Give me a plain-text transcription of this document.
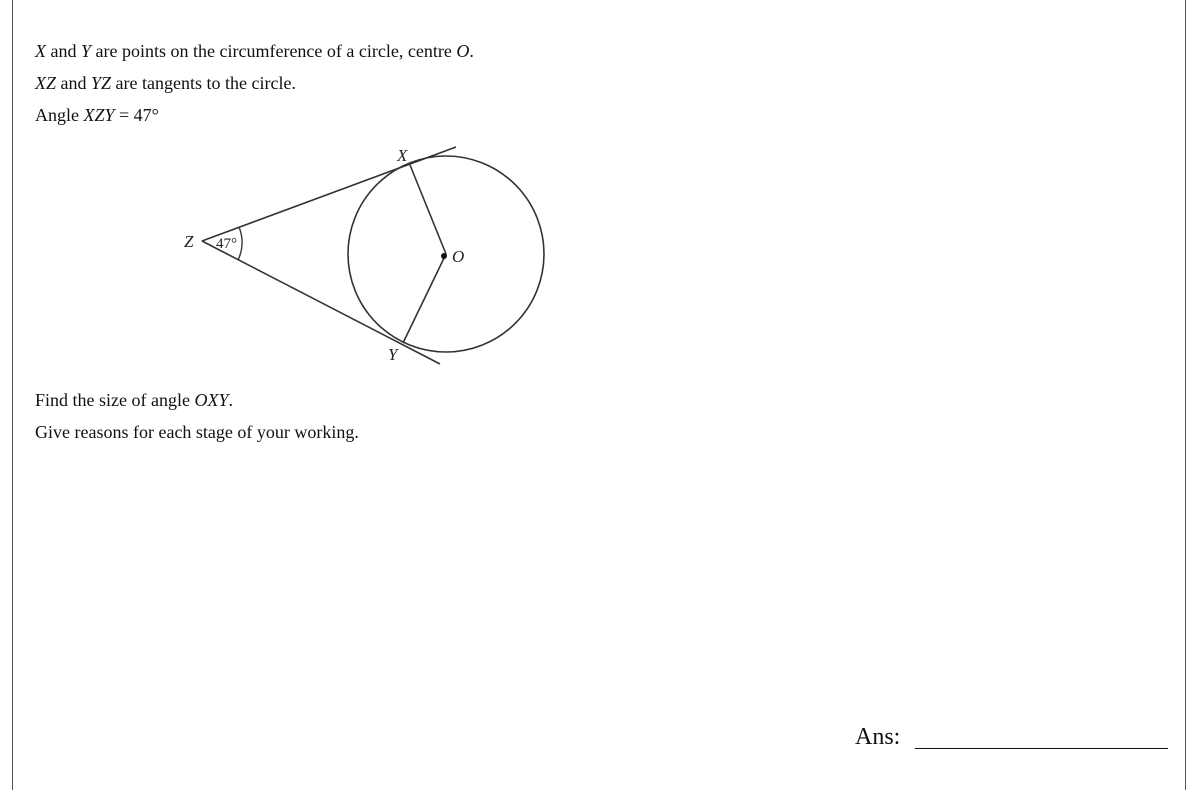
X and Y are points on the circumference of a circle, centre O.
XZ and YZ are tangents to the circle.
Angle XZY = 47°
X
Y
Z
O
47°
Find the size of angle OXY.
Give reasons for each stage of your working.
Ans:
